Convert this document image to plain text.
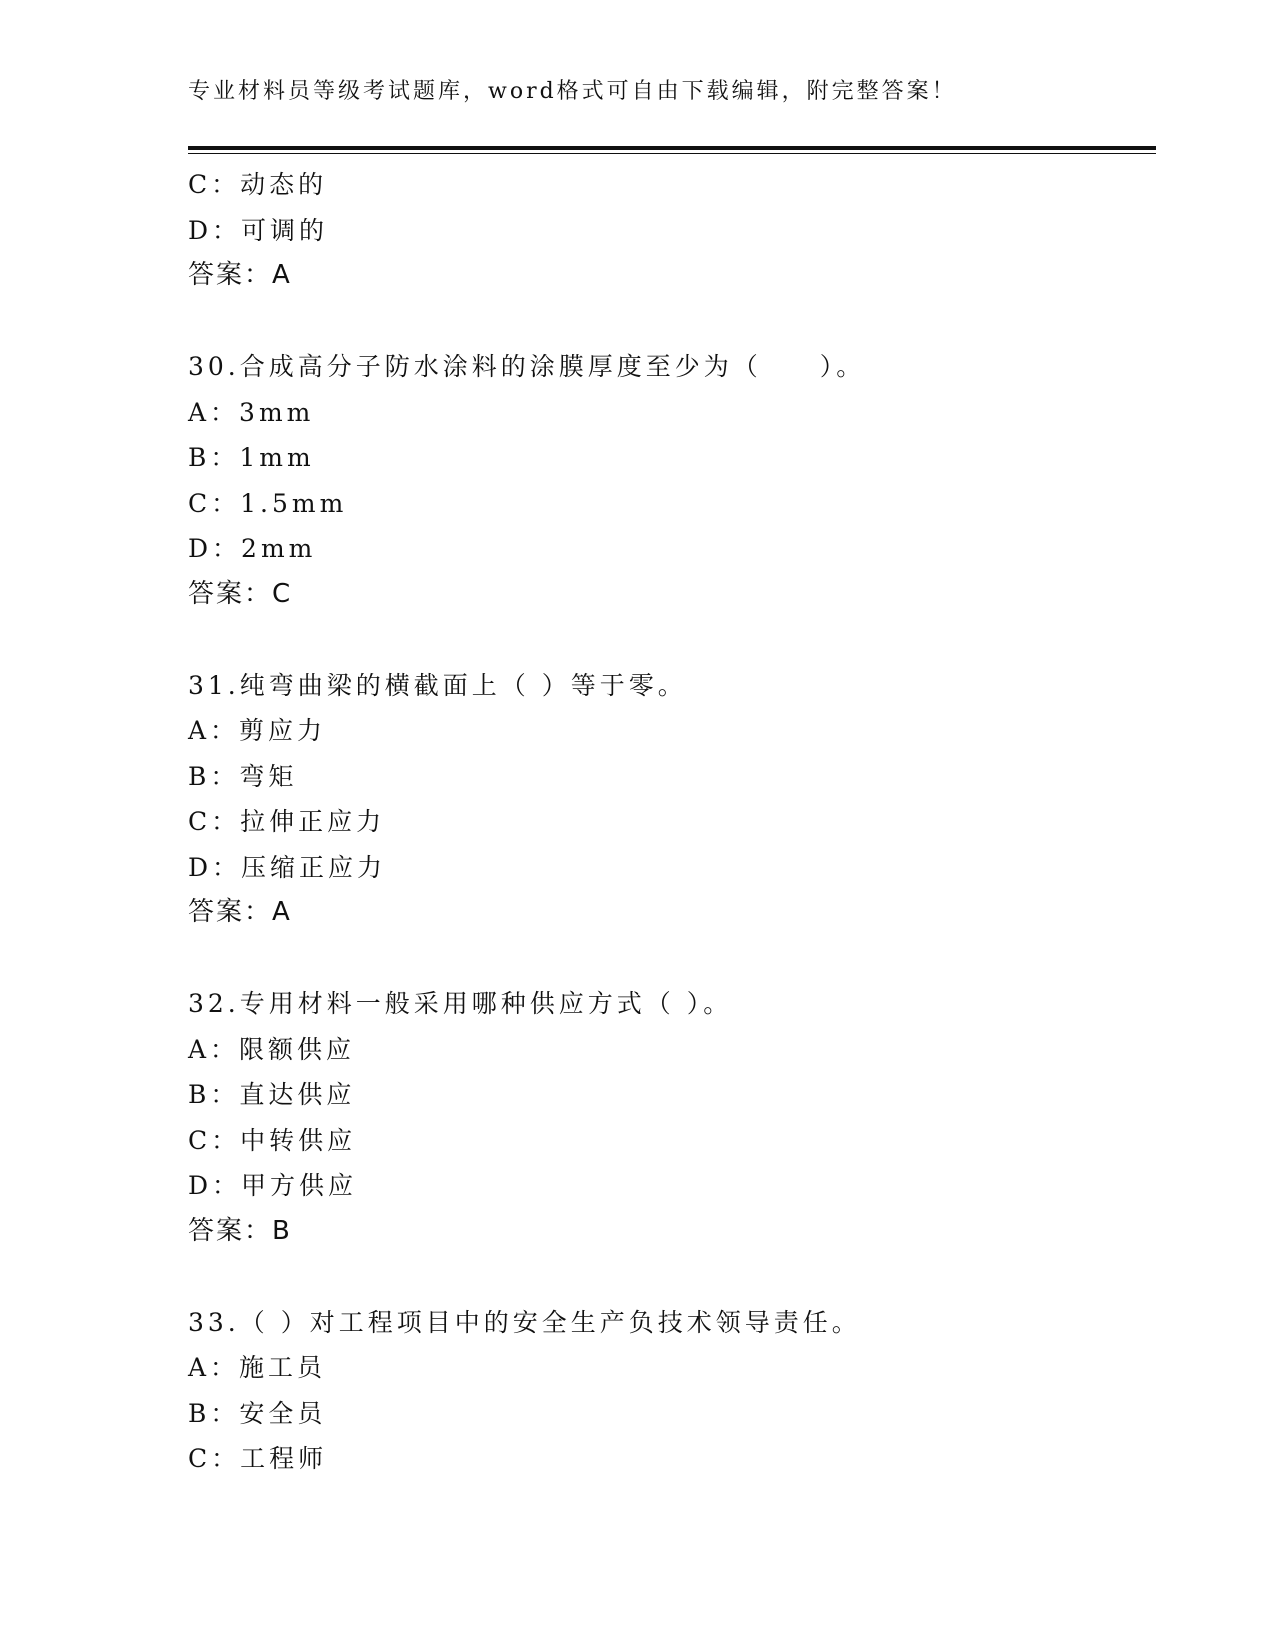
专业材料员等级考试题库，word格式可自由下载编辑，附完整答案！
C：动态的
D：可调的
答案：A
30.合成高分子防水涂料的涂膜厚度至少为（　　）。
A：3mm
B：1mm
C：1.5mm
D：2mm
答案：C
31.纯弯曲梁的横截面上（ ）等于零。
A：剪应力
B：弯矩
C：拉伸正应力
D：压缩正应力
答案：A
32.专用材料一般采用哪种供应方式（ ）。
A：限额供应
B：直达供应
C：中转供应
D：甲方供应
答案：B
33.（ ）对工程项目中的安全生产负技术领导责任。
A：施工员
B：安全员
C：工程师
